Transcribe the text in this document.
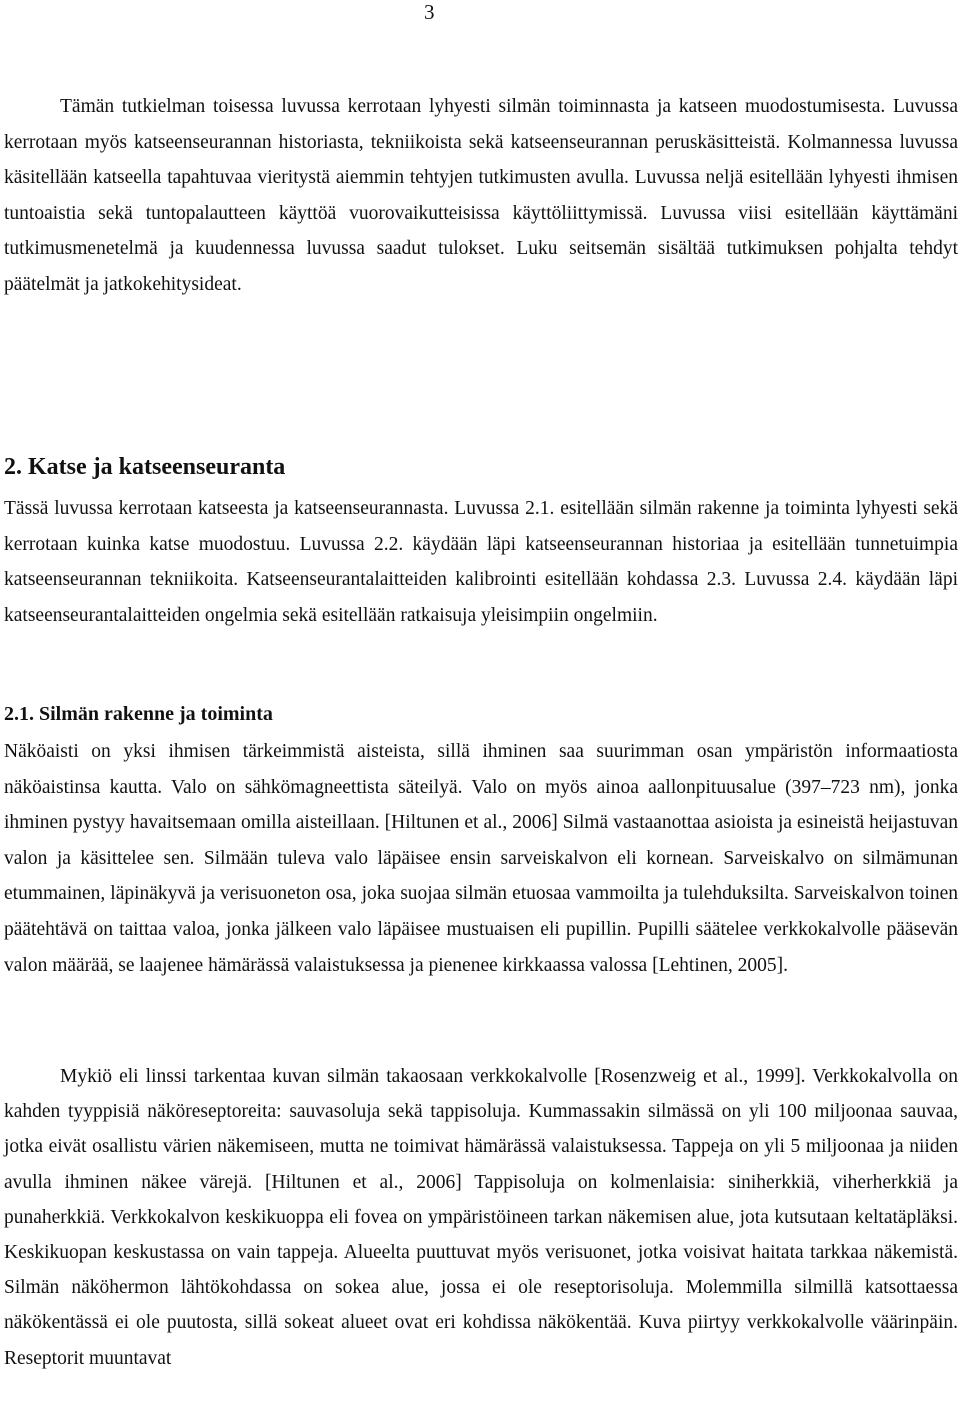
3

Tämän tutkielman toisessa luvussa kerrotaan lyhyesti silmän toiminnasta ja katseen muodostumisesta. Luvussa kerrotaan myös katseenseurannan historiasta, tekniikoista sekä katseenseurannan peruskäsitteistä. Kolmannessa luvussa käsitellään katseella tapahtuvaa vieritystä aiemmin tehtyjen tutkimusten avulla. Luvussa neljä esitellään lyhyesti ihmisen tuntoaistia sekä tuntopalautteen käyttöä vuorovaikutteisissa käyttöliittymissä. Luvussa viisi esitellään käyttämäni tutkimusmenetelmä ja kuudennessa luvussa saadut tulokset. Luku seitsemän sisältää tutkimuksen pohjalta tehdyt päätelmät ja jatkokehitysideat.

2. Katse ja katseenseuranta

Tässä luvussa kerrotaan katseesta ja katseenseurannasta. Luvussa 2.1. esitellään silmän rakenne ja toiminta lyhyesti sekä kerrotaan kuinka katse muodostuu. Luvussa 2.2. käydään läpi katseenseurannan historiaa ja esitellään tunnetuimpia katseenseurannan tekniikoita. Katseenseurantalaitteiden kalibrointi esitellään kohdassa 2.3. Luvussa 2.4. käydään läpi katseenseurantalaitteiden ongelmia sekä esitellään ratkaisuja yleisimpiin ongelmiin.

2.1. Silmän rakenne ja toiminta

Näköaisti on yksi ihmisen tärkeimmistä aisteista, sillä ihminen saa suurimman osan ympäristön informaatiosta näköaistinsa kautta. Valo on sähkömagneettista säteilyä. Valo on myös ainoa aallonpituusalue (397–723 nm), jonka ihminen pystyy havaitsemaan omilla aisteillaan. [Hiltunen et al., 2006] Silmä vastaanottaa asioista ja esineistä heijastuvan valon ja käsittelee sen. Silmään tuleva valo läpäisee ensin sarveiskalvon eli kornean. Sarveiskalvo on silmämunan etummainen, läpinäkyvä ja verisuoneton osa, joka suojaa silmän etuosaa vammoilta ja tulehduksilta. Sarveiskalvon toinen päätehtävä on taittaa valoa, jonka jälkeen valo läpäisee mustuaisen eli pupillin. Pupilli säätelee verkkokalvolle pääsevän valon määrää, se laajenee hämärässä valaistuksessa ja pienenee kirkkaassa valossa [Lehtinen, 2005].

Mykiö eli linssi tarkentaa kuvan silmän takaosaan verkkokalvolle [Rosenzweig et al., 1999]. Verkkokalvolla on kahden tyyppisiä näköreseptoreita: sauvasoluja sekä tappisoluja. Kummassakin silmässä on yli 100 miljoonaa sauvaa, jotka eivät osallistu värien näkemiseen, mutta ne toimivat hämärässä valaistuksessa. Tappeja on yli 5 miljoonaa ja niiden avulla ihminen näkee värejä. [Hiltunen et al., 2006] Tappisoluja on kolmenlaisia: siniherkkiä, viherherkkiä ja punaherkkiä. Verkkokalvon keskikuoppa eli fovea on ympäristöineen tarkan näkemisen alue, jota kutsutaan keltatäpläksi. Keskikuopan keskustassa on vain tappeja. Alueelta puuttuvat myös verisuonet, jotka voisivat haitata tarkkaa näkemistä. Silmän näköhermon lähtökohdassa on sokea alue, jossa ei ole reseptorisoluja. Molemmilla silmillä katsottaessa näkökentässä ei ole puutosta, sillä sokeat alueet ovat eri kohdissa näkökentää. Kuva piirtyy verkkokalvolle väärinpäin. Reseptorit muuntavat
